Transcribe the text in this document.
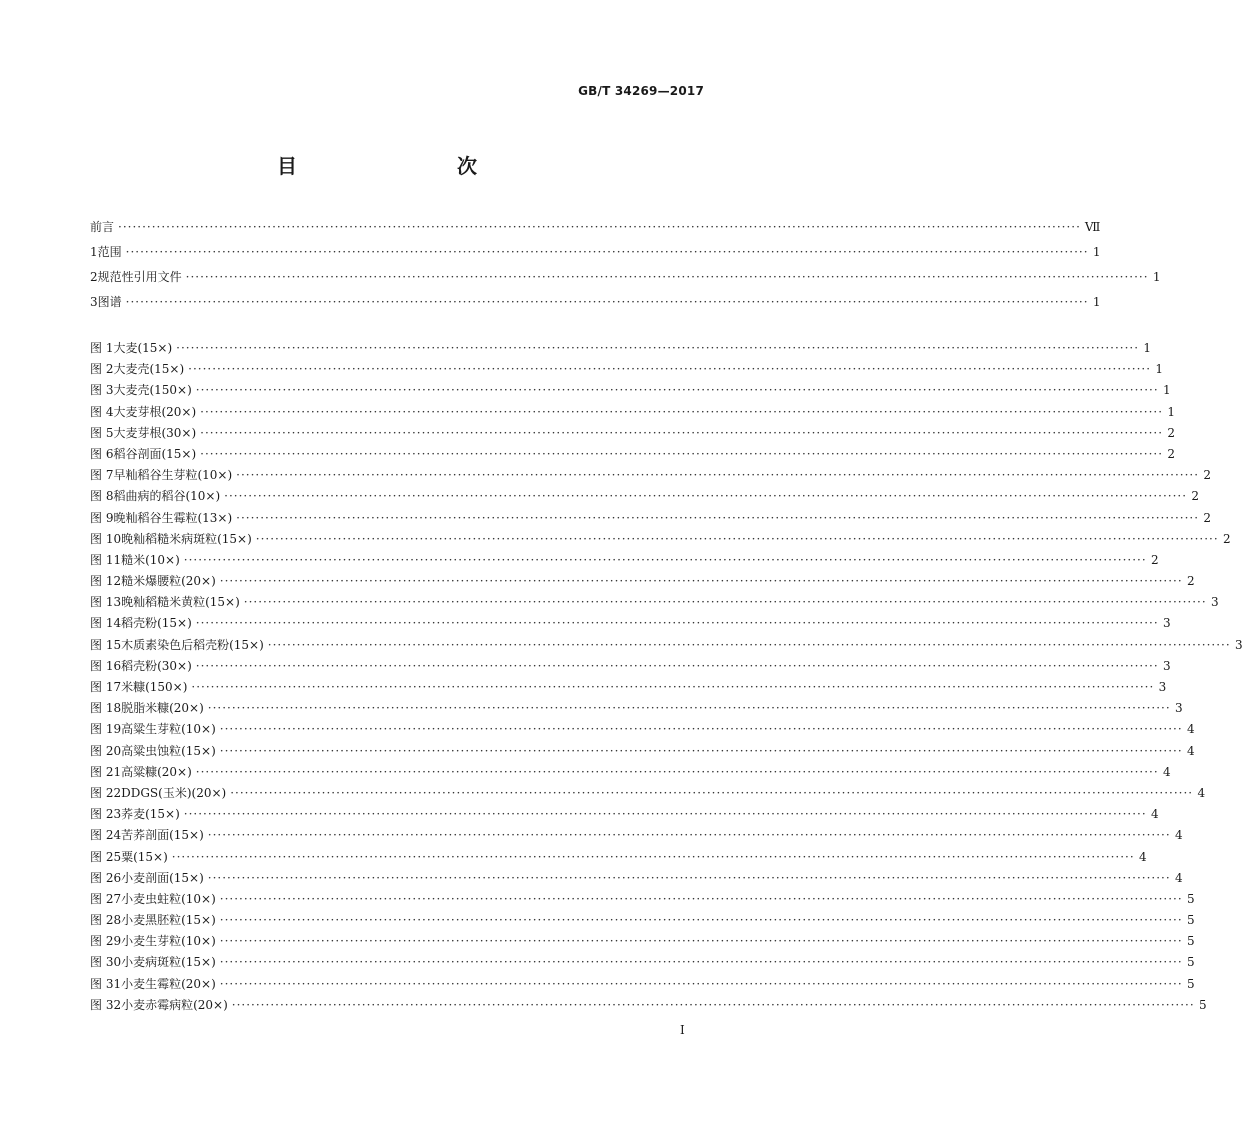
GB/T 34269—2017
目　　次
前言 ········································································································································································································ Ⅶ
1 范围 ········································································································································································································ 1
2 规范性引用文件 ········································································································································································································ 1
3 图谱 ········································································································································································································ 1
图 1 大麦(15×) ········································································································································································································ 1
图 2 大麦壳(15×) ········································································································································································································ 1
图 3 大麦壳(150×) ········································································································································································································ 1
图 4 大麦芽根(20×) ········································································································································································································ 1
图 5 大麦芽根(30×) ········································································································································································································ 2
图 6 稻谷剖面(15×) ········································································································································································································ 2
图 7 早籼稻谷生芽粒(10×) ········································································································································································································ 2
图 8 稻曲病的稻谷(10×) ········································································································································································································ 2
图 9 晚籼稻谷生霉粒(13×) ········································································································································································································ 2
图 10 晚籼稻糙米病斑粒(15×) ········································································································································································································ 2
图 11 糙米(10×) ········································································································································································································ 2
图 12 糙米爆腰粒(20×) ········································································································································································································ 2
图 13 晚籼稻糙米黄粒(15×) ········································································································································································································ 3
图 14 稻壳粉(15×) ········································································································································································································ 3
图 15 木质素染色后稻壳粉(15×) ········································································································································································································ 3
图 16 稻壳粉(30×) ········································································································································································································ 3
图 17 米糠(150×) ········································································································································································································ 3
图 18 脱脂米糠(20×) ········································································································································································································ 3
图 19 高粱生芽粒(10×) ········································································································································································································ 4
图 20 高粱虫蚀粒(15×) ········································································································································································································ 4
图 21 高粱糠(20×) ········································································································································································································ 4
图 22 DDGS(玉米)(20×) ········································································································································································································ 4
图 23 荞麦(15×) ········································································································································································································ 4
图 24 苦荞剖面(15×) ········································································································································································································ 4
图 25 粟(15×) ········································································································································································································ 4
图 26 小麦剖面(15×) ········································································································································································································ 4
图 27 小麦虫蛀粒(10×) ········································································································································································································ 5
图 28 小麦黑胚粒(15×) ········································································································································································································ 5
图 29 小麦生芽粒(10×) ········································································································································································································ 5
图 30 小麦病斑粒(15×) ········································································································································································································ 5
图 31 小麦生霉粒(20×) ········································································································································································································ 5
图 32 小麦赤霉病粒(20×) ········································································································································································································ 5
Ⅰ
